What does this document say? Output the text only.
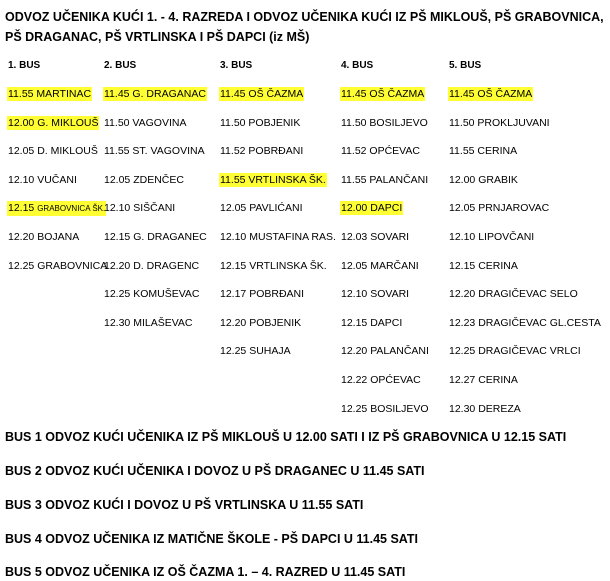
ODVOZ UČENIKA KUĆI 1. - 4. RAZREDA I ODVOZ UČENIKA KUĆI IZ PŠ MIKLOUŠ, PŠ GRABOVNICA,
PŠ DRAGANAC, PŠ VRTLINSKA I PŠ DAPCI (iz MŠ)
1. BUS
11.55 MARTINAC
12.00 G. MIKLOUŠ
12.05 D. MIKLOUŠ
12.10 VUČANI
12.15 GRABOVNICA ŠK.
12.20 BOJANA
12.25 GRABOVNICA
2. BUS
11.45 G. DRAGANAC
11.50 VAGOVINA
11.55 ST. VAGOVINA
12.05 ZDENČEC
12.10 SIŠČANI
12.15 G. DRAGANEC
12.20 D. DRAGENC
12.25 KOMUŠEVAC
12.30 MILAŠEVAC
3. BUS
11.45 OŠ ČAZMA
11.50 POBJENIK
11.52 POBRĐANI
11.55 VRTLINSKA ŠK.
12.05 PAVLIĆANI
12.10 MUSTAFINA RAS.
12.15 VRTLINSKA ŠK.
12.17 POBRĐANI
12.20 POBJENIK
12.25 SUHAJA
4. BUS
11.45 OŠ ČAZMA
11.50 BOSILJEVO
11.52 OPĆEVAC
11.55 PALANČANI
12.00 DAPCI
12.03 SOVARI
12.05 MARČANI
12.10 SOVARI
12.15 DAPCI
12.20 PALANČANI
12.22 OPĆEVAC
12.25 BOSILJEVO
5. BUS
11.45 OŠ ČAZMA
11.50 PROKLJUVANI
11.55 CERINA
12.00 GRABIK
12.05 PRNJAROVAC
12.10 LIPOVČANI
12.15 CERINA
12.20 DRAGIČEVAC SELO
12.23 DRAGIČEVAC GL.CESTA
12.25 DRAGIČEVAC VRLCI
12.27 CERINA
12.30 DEREZA
BUS 1 ODVOZ KUĆI UČENIKA IZ PŠ MIKLOUŠ U 12.00 SATI I IZ PŠ GRABOVNICA U 12.15 SATI
BUS 2 ODVOZ KUĆI UČENIKA I DOVOZ U PŠ DRAGANEC U 11.45 SATI
BUS 3 ODVOZ KUĆI I DOVOZ U PŠ VRTLINSKA U 11.55 SATI
BUS 4 ODVOZ UČENIKA IZ MATIČNE ŠKOLE - PŠ DAPCI U 11.45 SATI
BUS 5 ODVOZ UČENIKA IZ OŠ ČAZMA 1. – 4. RAZRED U 11.45 SATI
